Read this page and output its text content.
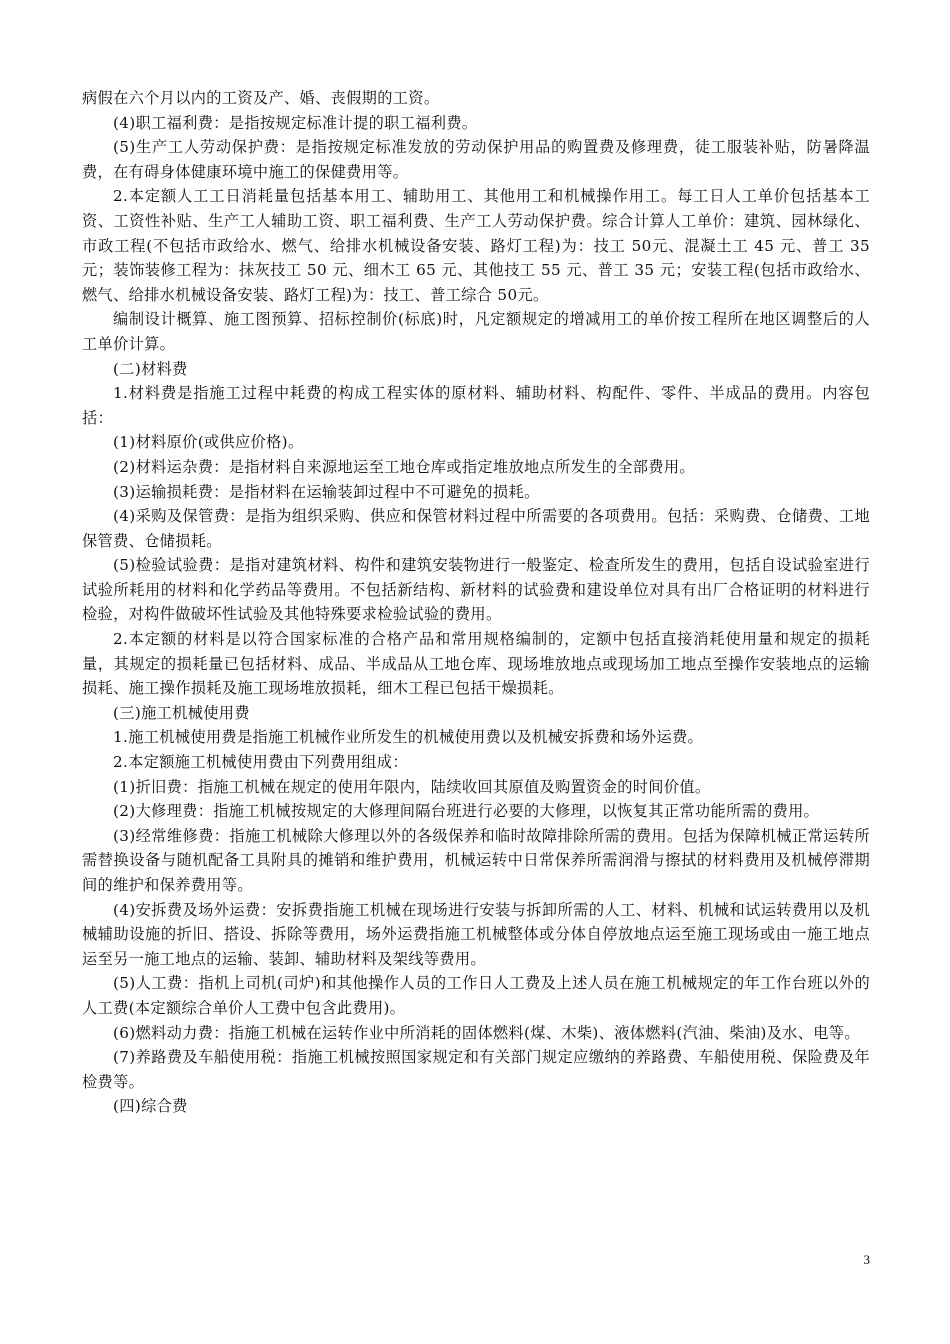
病假在六个月以内的工资及产、婚、丧假期的工资。

(4)职工福利费：是指按规定标准计提的职工福利费。

(5)生产工人劳动保护费：是指按规定标准发放的劳动保护用品的购置费及修理费，徒工服装补贴，防暑降温费，在有碍身体健康环境中施工的保健费用等。

2.本定额人工工日消耗量包括基本用工、辅助用工、其他用工和机械操作用工。每工日人工单价包括基本工资、工资性补贴、生产工人辅助工资、职工福利费、生产工人劳动保护费。综合计算人工单价：建筑、园林绿化、市政工程(不包括市政给水、燃气、给排水机械设备安装、路灯工程)为：技工 50元、混凝土工 45 元、普工 35 元；装饰装修工程为：抹灰技工 50 元、细木工 65 元、其他技工 55 元、普工 35 元；安装工程(包括市政给水、燃气、给排水机械设备安装、路灯工程)为：技工、普工综合 50元。

编制设计概算、施工图预算、招标控制价(标底)时，凡定额规定的增减用工的单价按工程所在地区调整后的人工单价计算。

(二)材料费

1.材料费是指施工过程中耗费的构成工程实体的原材料、辅助材料、构配件、零件、半成品的费用。内容包括：

(1)材料原价(或供应价格)。

(2)材料运杂费：是指材料自来源地运至工地仓库或指定堆放地点所发生的全部费用。

(3)运输损耗费：是指材料在运输装卸过程中不可避免的损耗。

(4)采购及保管费：是指为组织采购、供应和保管材料过程中所需要的各项费用。包括：采购费、仓储费、工地保管费、仓储损耗。

(5)检验试验费：是指对建筑材料、构件和建筑安装物进行一般鉴定、检查所发生的费用，包括自设试验室进行试验所耗用的材料和化学药品等费用。不包括新结构、新材料的试验费和建设单位对具有出厂合格证明的材料进行检验，对构件做破坏性试验及其他特殊要求检验试验的费用。

2.本定额的材料是以符合国家标准的合格产品和常用规格编制的，定额中包括直接消耗使用量和规定的损耗量，其规定的损耗量已包括材料、成品、半成品从工地仓库、现场堆放地点或现场加工地点至操作安装地点的运输损耗、施工操作损耗及施工现场堆放损耗，细木工程已包括干燥损耗。

(三)施工机械使用费

1.施工机械使用费是指施工机械作业所发生的机械使用费以及机械安拆费和场外运费。

2.本定额施工机械使用费由下列费用组成：

(1)折旧费：指施工机械在规定的使用年限内，陆续收回其原值及购置资金的时间价值。

(2)大修理费：指施工机械按规定的大修理间隔台班进行必要的大修理，以恢复其正常功能所需的费用。

(3)经常维修费：指施工机械除大修理以外的各级保养和临时故障排除所需的费用。包括为保障机械正常运转所需替换设备与随机配备工具附具的摊销和维护费用，机械运转中日常保养所需润滑与擦拭的材料费用及机械停滞期间的维护和保养费用等。

(4)安拆费及场外运费：安拆费指施工机械在现场进行安装与拆卸所需的人工、材料、机械和试运转费用以及机械辅助设施的折旧、搭设、拆除等费用，场外运费指施工机械整体或分体自停放地点运至施工现场或由一施工地点运至另一施工地点的运输、装卸、辅助材料及架线等费用。

(5)人工费：指机上司机(司炉)和其他操作人员的工作日人工费及上述人员在施工机械规定的年工作台班以外的人工费(本定额综合单价人工费中包含此费用)。

(6)燃料动力费：指施工机械在运转作业中所消耗的固体燃料(煤、木柴)、液体燃料(汽油、柴油)及水、电等。

(7)养路费及车船使用税：指施工机械按照国家规定和有关部门规定应缴纳的养路费、车船使用税、保险费及年检费等。

(四)综合费

3
